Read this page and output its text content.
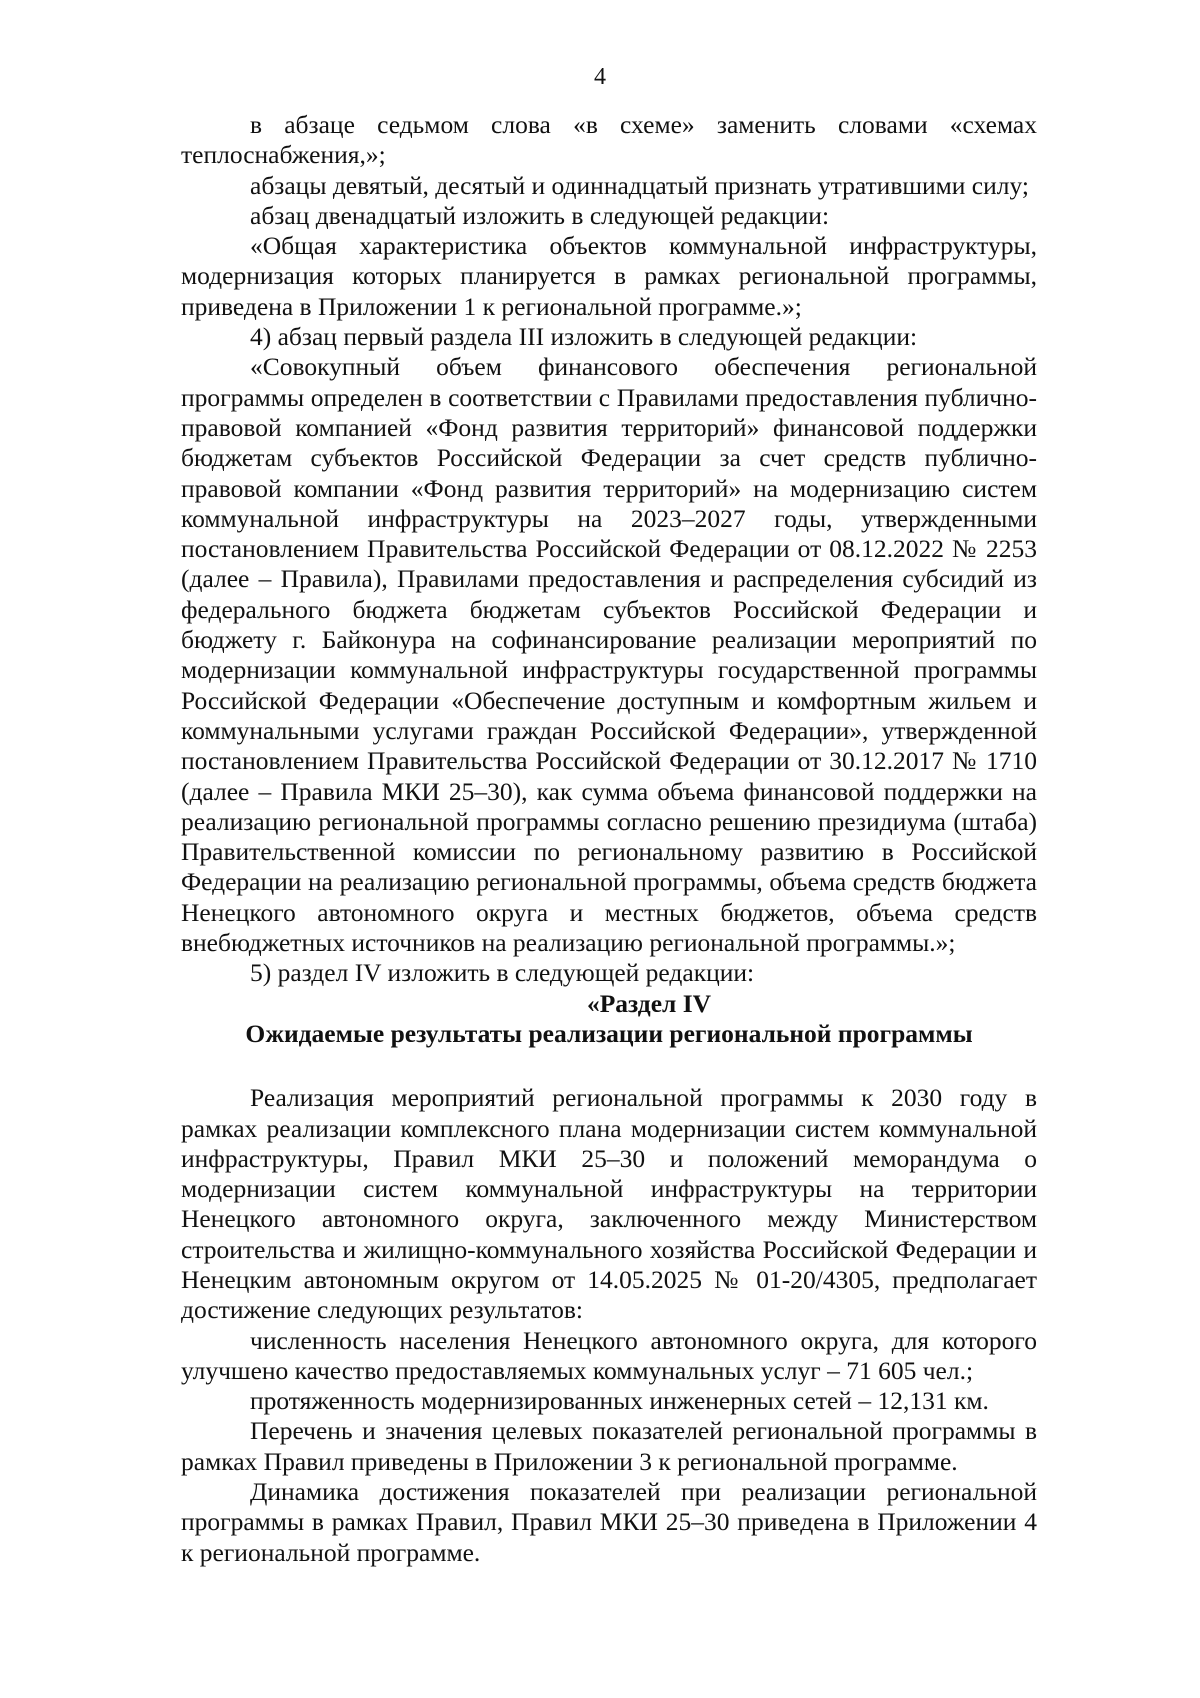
4

в абзаце седьмом слова «в схеме» заменить словами «схемах теплоснабжения,»;

абзацы девятый, десятый и одиннадцатый признать утратившими силу;

абзац двенадцатый изложить в следующей редакции:

«Общая характеристика объектов коммунальной инфраструктуры, модернизация которых планируется в рамках региональной программы, приведена в Приложении 1 к региональной программе.»;

4) абзац первый раздела III изложить в следующей редакции:

«Совокупный объем финансового обеспечения региональной программы определен в соответствии с Правилами предоставления публично-правовой компанией «Фонд развития территорий» финансовой поддержки бюджетам субъектов Российской Федерации за счет средств публично-правовой компании «Фонд развития территорий» на модернизацию систем коммунальной инфраструктуры на 2023–2027 годы, утвержденными постановлением Правительства Российской Федерации от 08.12.2022 № 2253 (далее – Правила), Правилами предоставления и распределения субсидий из федерального бюджета бюджетам субъектов Российской Федерации и бюджету г. Байконура на софинансирование реализации мероприятий по модернизации коммунальной инфраструктуры государственной программы Российской Федерации «Обеспечение доступным и комфортным жильем и коммунальными услугами граждан Российской Федерации», утвержденной постановлением Правительства Российской Федерации от 30.12.2017 № 1710 (далее – Правила МКИ 25–30), как сумма объема финансовой поддержки на реализацию региональной программы согласно решению президиума (штаба) Правительственной комиссии по региональному развитию в Российской Федерации на реализацию региональной программы, объема средств бюджета Ненецкого автономного округа и местных бюджетов, объема средств внебюджетных источников на реализацию региональной программы.»;

5) раздел IV изложить в следующей редакции:

«Раздел IV

Ожидаемые результаты реализации региональной программы

Реализация мероприятий региональной программы к 2030 году в рамках реализации комплексного плана модернизации систем коммунальной инфраструктуры, Правил МКИ 25–30 и положений меморандума о модернизации систем коммунальной инфраструктуры на территории Ненецкого автономного округа, заключенного между Министерством строительства и жилищно-коммунального хозяйства Российской Федерации и Ненецким автономным округом от 14.05.2025 № 01-20/4305, предполагает достижение следующих результатов:

численность населения Ненецкого автономного округа, для которого улучшено качество предоставляемых коммунальных услуг – 71 605 чел.;

протяженность модернизированных инженерных сетей – 12,131 км.

Перечень и значения целевых показателей региональной программы в рамках Правил приведены в Приложении 3 к региональной программе.

Динамика достижения показателей при реализации региональной программы в рамках Правил, Правил МКИ 25–30 приведена в Приложении 4 к региональной программе.
